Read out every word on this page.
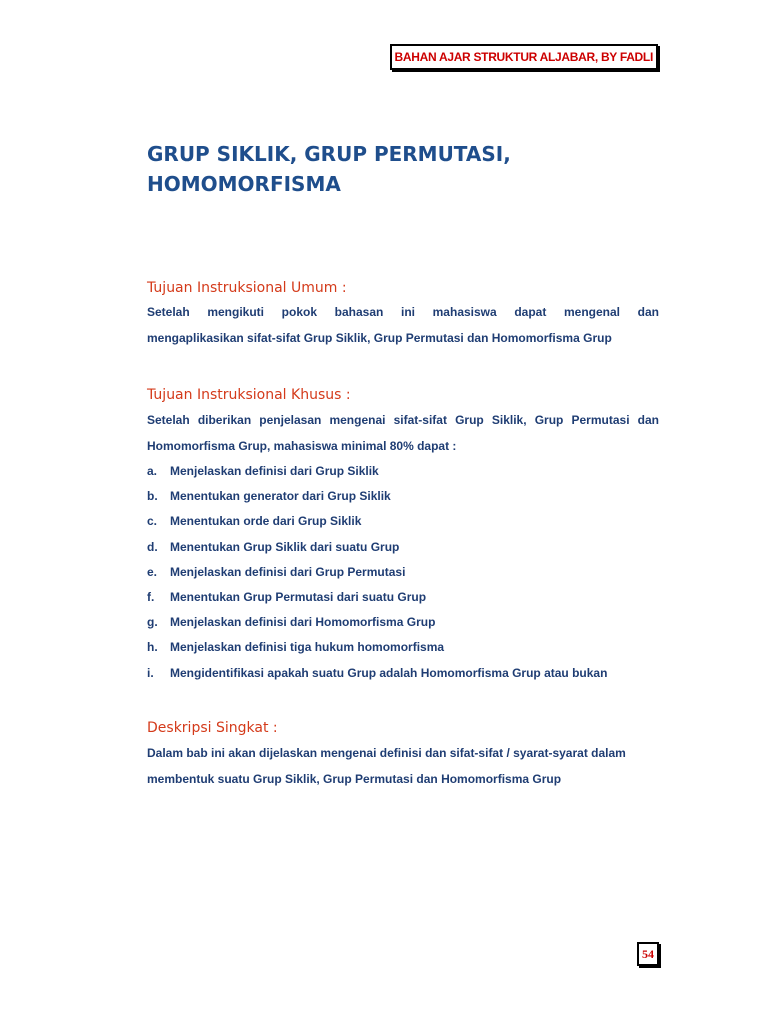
BAHAN AJAR STRUKTUR ALJABAR, BY FADLI
GRUP SIKLIK, GRUP PERMUTASI,
HOMOMORFISMA
Tujuan Instruksional Umum :

Setelah mengikuti pokok bahasan ini mahasiswa dapat mengenal dan
mengaplikasikan sifat-sifat Grup Siklik, Grup Permutasi dan Homomorfisma Grup

Tujuan Instruksional Khusus :

Setelah diberikan penjelasan mengenai sifat-sifat Grup Siklik, Grup Permutasi dan
Homomorfisma Grup, mahasiswa minimal 80% dapat :

a.	Menjelaskan definisi dari Grup Siklik
b.	Menentukan generator dari Grup Siklik
c.	Menentukan orde dari Grup Siklik
d.	Menentukan Grup Siklik dari suatu Grup
e.	Menjelaskan definisi dari Grup Permutasi
f.	Menentukan Grup Permutasi dari suatu Grup
g.	Menjelaskan definisi dari Homomorfisma Grup
h.	Menjelaskan definisi tiga hukum homomorfisma
i.	Mengidentifikasi apakah suatu Grup adalah Homomorfisma Grup atau bukan
Deskripsi Singkat :

Dalam bab ini akan dijelaskan mengenai definisi dan sifat-sifat / syarat-syarat dalam
membentuk suatu Grup Siklik, Grup Permutasi dan Homomorfisma Grup

54
